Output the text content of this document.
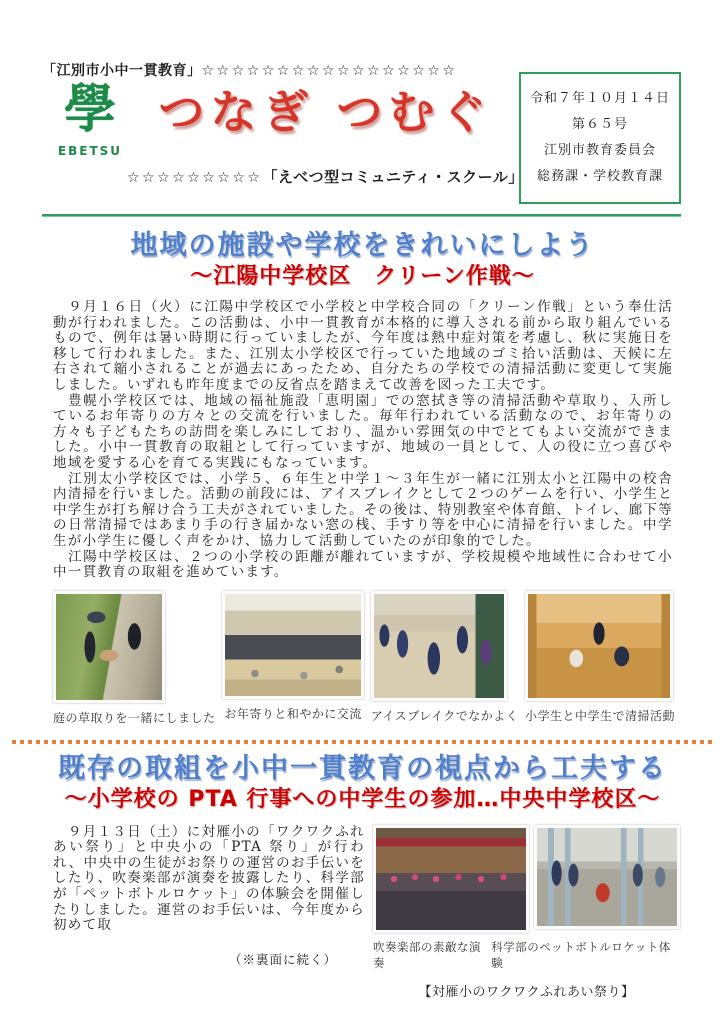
「江別市小中一貫教育」 ☆☆☆☆☆☆☆☆☆☆☆☆☆☆☆☆☆
學
EBETSU
つなぎ つむぐ
☆☆☆☆☆☆☆☆☆ 「えべつ型コミュニティ・スクール」
令和７年１０月１４日
第６５号
江別市教育委員会
総務課・学校教育課
地域の施設や学校をきれいにしよう
～江陽中学校区　クリーン作戦～

　９月１６日（火）に江陽中学校区で小学校と中学校合同の「クリーン作戦」という奉仕活動が行われました。この活動は、小中一貫教育が本格的に導入される前から取り組んでいるもので、例年は暑い時期に行っていましたが、今年度は熱中症対策を考慮し、秋に実施日を移して行われました。また、江別太小学校区で行っていた地域のゴミ拾い活動は、天候に左右されて縮小されることが過去にあったため、自分たちの学校での清掃活動に変更して実施しました。いずれも昨年度までの反省点を踏まえて改善を図った工夫です。

　豊幌小学校区では、地域の福祉施設「恵明園」での窓拭き等の清掃活動や草取り、入所しているお年寄りの方々との交流を行いました。毎年行われている活動なので、お年寄りの方々も子どもたちの訪問を楽しみにしており、温かい雰囲気の中でとてもよい交流ができました。小中一貫教育の取組として行っていますが、地域の一員として、人の役に立つ喜びや地域を愛する心を育てる実践にもなっています。

　江別太小学校区では、小学５、６年生と中学１～３年生が一緒に江別太小と江陽中の校舎内清掃を行いました。活動の前段には、アイスブレイクとして２つのゲームを行い、小学生と中学生が打ち解け合う工夫がされていました。その後は、特別教室や体育館、トイレ、廊下等の日常清掃ではあまり手の行き届かない窓の桟、手すり等を中心に清掃を行いました。中学生が小学生に優しく声をかけ、協力して活動していたのが印象的でした。

　江陽中学校区は、２つの小学校の距離が離れていますが、学校規模や地域性に合わせて小中一貫教育の取組を進めています。

庭の草取りを一緒にしました お年寄りと和やかに交流 アイスブレイクでなかよく 小学生と中学生で清掃活動
既存の取組を小中一貫教育の視点から工夫する
～小学校の PTA 行事への中学生の参加…中央中学校区～

　９月１３日（土）に対雁小の「ワクワクふれあい祭り」と中央小の「PTA 祭り」が行われ、中央中の生徒がお祭りの運営のお手伝いをしたり、吹奏楽部が演奏を披露したり、科学部が「ペットボトルロケット」の体験会を開催したりしました。運営のお手伝いは、今年度から初めて取

（※裏面に続く）
吹奏楽部の素敵な演奏
科学部のペットボトルロケット体験
【対雁小のワクワクふれあい祭り】
